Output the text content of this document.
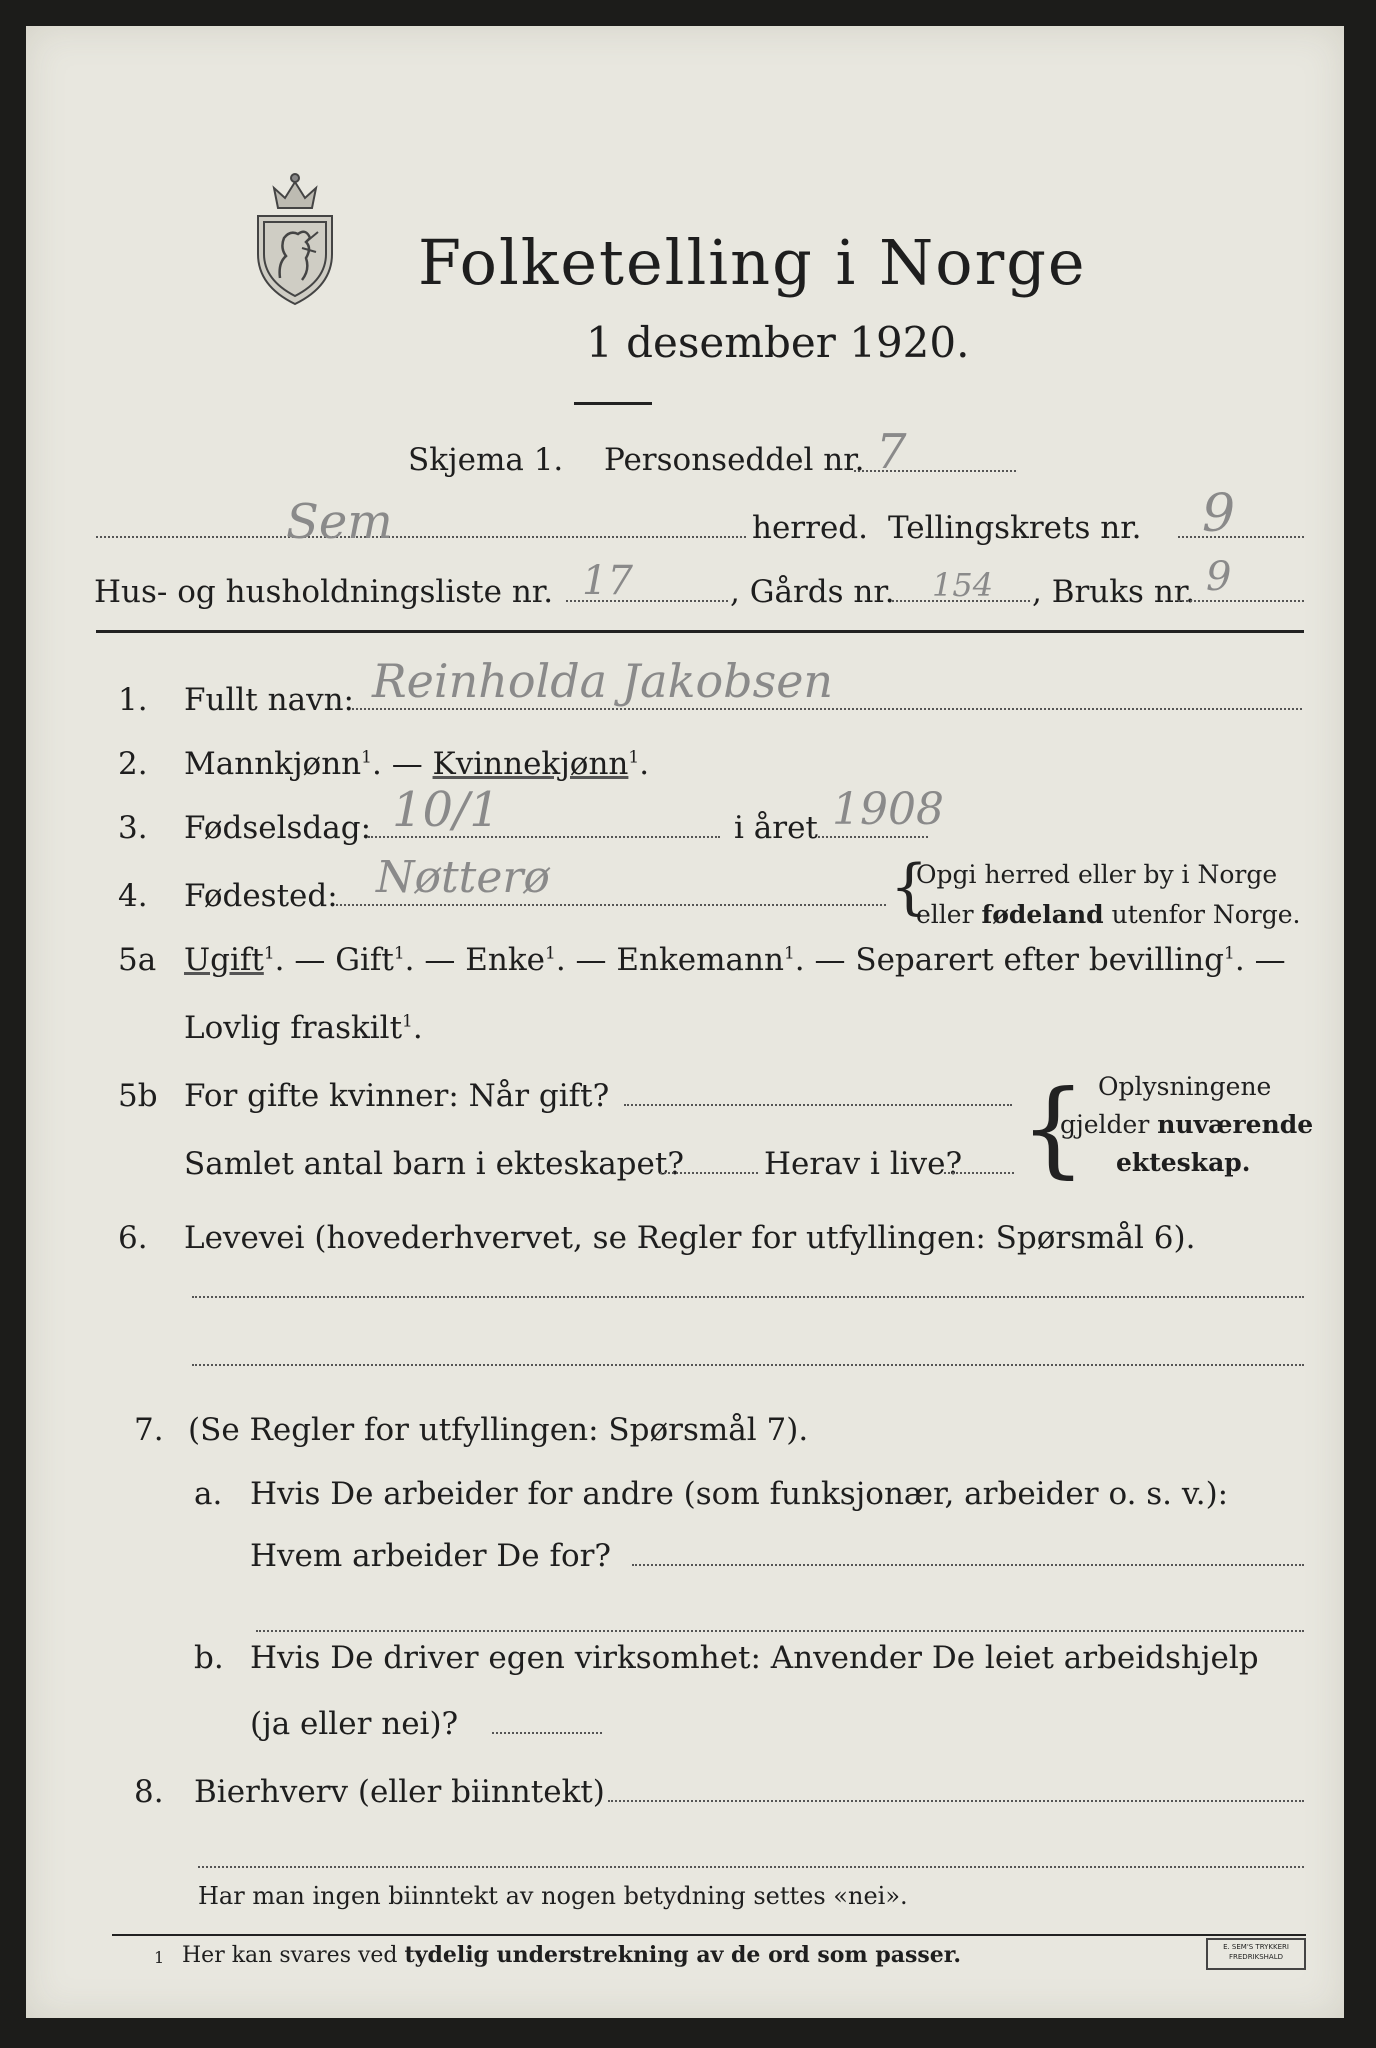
Folketelling i Norge
1 desember 1920.
Skjema 1. Personseddel nr. 7
Sem	herred. Tellingskrets nr. 9
Hus- og husholdningsliste nr. 17	, Gårds nr. 154 , Bruks nr. 9
1. Fullt navn: Reinholda Jakobsen
2. Mannkjønn$^1$. — Kvinnekjønn$^1$.
3. Fødselsdag: 10/1	i året 1908
4. Fødested: Nøtterø	{
Opgi herred eller by i Norge
eller fødeland utenfor Norge.
5a Ugift$^1$. — Gift$^1$. — Enke$^1$. — Enkemann$^1$. — Separert efter bevilling$^1$. —
Lovlig fraskilt$^1$.
5b For gifte kvinner: Når gift?
Samlet antal barn i ekteskapet?	Herav i live? { Oplysningene
gjelder nuværende
ekteskap.
6. Levevei (hovederhvervet, se Regler for utfyllingen: Spørsmål 6).
7. (Se Regler for utfyllingen: Spørsmål 7).
a. Hvis De arbeider for andre (som funksjonær, arbeider o. s. v.):
Hvem arbeider De for?
b. Hvis De driver egen virksomhet: Anvender De leiet arbeidshjelp
(ja eller nei)?
8. Bierhverv (eller biinntekt)
Har man ingen biinntekt av nogen betydning settes «nei».
1 Her kan svares ved tydelig understrekning av de ord som passer.	E. SEM'S TRYKKERI
FREDRIKSHALD
